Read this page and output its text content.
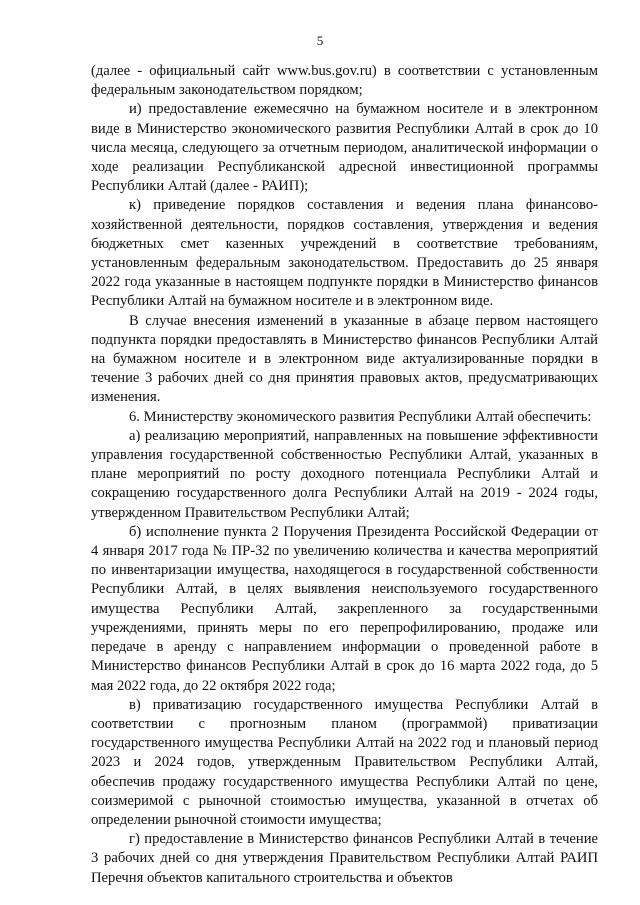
5

(далее - официальный сайт www.bus.gov.ru) в соответствии с установленным федеральным законодательством порядком;

и) предоставление ежемесячно на бумажном носителе и в электронном виде в Министерство экономического развития Республики Алтай в срок до 10 числа месяца, следующего за отчетным периодом, аналитической информации о ходе реализации Республиканской адресной инвестиционной программы Республики Алтай (далее - РАИП);

к) приведение порядков составления и ведения плана финансово-хозяйственной деятельности, порядков составления, утверждения и ведения бюджетных смет казенных учреждений в соответствие требованиям, установленным федеральным законодательством. Предоставить до 25 января 2022 года указанные в настоящем подпункте порядки в Министерство финансов Республики Алтай на бумажном носителе и в электронном виде.

В случае внесения изменений в указанные в абзаце первом настоящего подпункта порядки предоставлять в Министерство финансов Республики Алтай на бумажном носителе и в электронном виде актуализированные порядки в течение 3 рабочих дней со дня принятия правовых актов, предусматривающих изменения.

6. Министерству экономического развития Республики Алтай обеспечить:

а) реализацию мероприятий, направленных на повышение эффективности управления государственной собственностью Республики Алтай, указанных в плане мероприятий по росту доходного потенциала Республики Алтай и сокращению государственного долга Республики Алтай на 2019 - 2024 годы, утвержденном Правительством Республики Алтай;

б) исполнение пункта 2 Поручения Президента Российской Федерации от 4 января 2017 года № ПР-32 по увеличению количества и качества мероприятий по инвентаризации имущества, находящегося в государственной собственности Республики Алтай, в целях выявления неиспользуемого государственного имущества Республики Алтай, закрепленного за государственными учреждениями, принять меры по его перепрофилированию, продаже или передаче в аренду с направлением информации о проведенной работе в Министерство финансов Республики Алтай в срок до 16 марта 2022 года, до 5 мая 2022 года, до 22 октября 2022 года;

в) приватизацию государственного имущества Республики Алтай в соответствии с прогнозным планом (программой) приватизации государственного имущества Республики Алтай на 2022 год и плановый период 2023 и 2024 годов, утвержденным Правительством Республики Алтай, обеспечив продажу государственного имущества Республики Алтай по цене, соизмеримой с рыночной стоимостью имущества, указанной в отчетах об определении рыночной стоимости имущества;

г) предоставление в Министерство финансов Республики Алтай в течение 3 рабочих дней со дня утверждения Правительством Республики Алтай РАИП Перечня объектов капитального строительства и объектов
